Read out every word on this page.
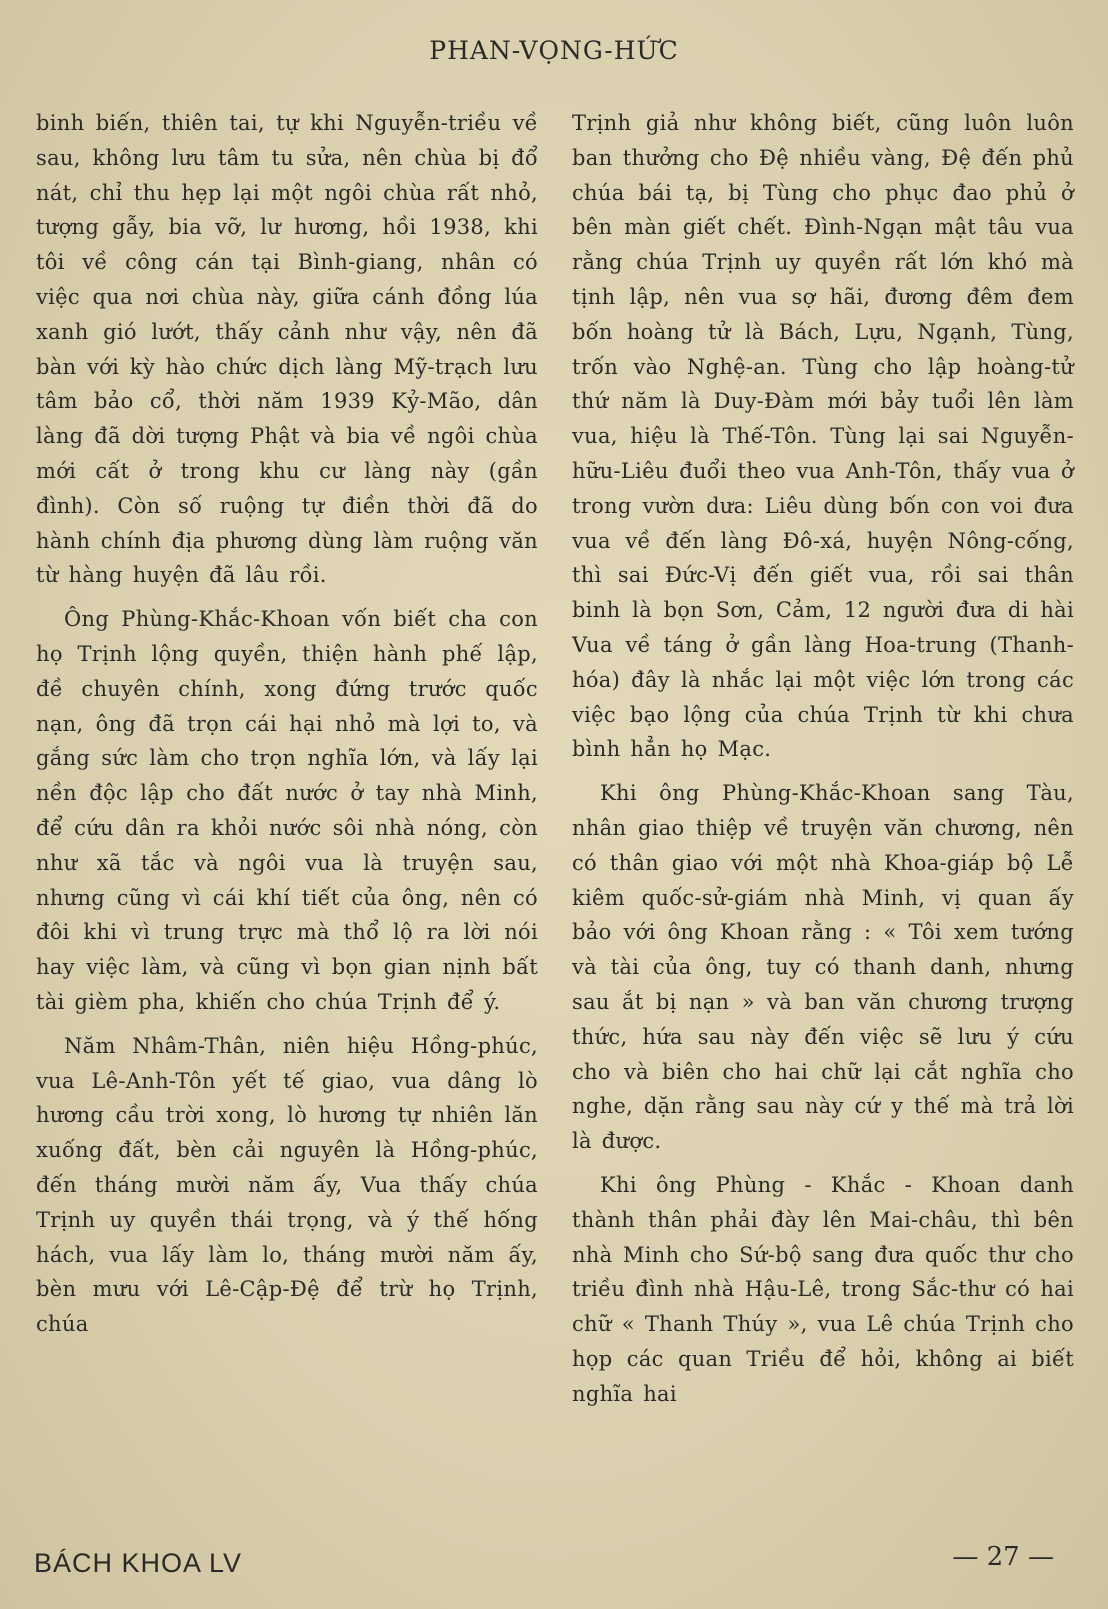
PHAN-VỌNG-HỨC

binh biến, thiên tai, tự khi Nguyễn-triều về sau, không lưu tâm tu sửa, nên chùa bị đổ nát, chỉ thu hẹp lại một ngôi chùa rất nhỏ, tượng gẫy, bia vỡ, lư hương, hồi 1938, khi tôi về công cán tại Bình-giang, nhân có việc qua nơi chùa này, giữa cánh đồng lúa xanh gió lướt, thấy cảnh như vậy, nên đã bàn với kỳ hào chức dịch làng Mỹ-trạch lưu tâm bảo cổ, thời năm 1939 Kỷ-Mão, dân làng đã dời tượng Phật và bia về ngôi chùa mới cất ở trong khu cư làng này (gần đình). Còn số ruộng tự điền thời đã do hành chính địa phương dùng làm ruộng văn từ hàng huyện đã lâu rồi.

Ông Phùng-Khắc-Khoan vốn biết cha con họ Trịnh lộng quyền, thiện hành phế lập, đề chuyên chính, xong đứng trước quốc nạn, ông đã trọn cái hại nhỏ mà lợi to, và gắng sức làm cho trọn nghĩa lớn, và lấy lại nền độc lập cho đất nước ở tay nhà Minh, để cứu dân ra khỏi nước sôi nhà nóng, còn như xã tắc và ngôi vua là truyện sau, nhưng cũng vì cái khí tiết của ông, nên có đôi khi vì trung trực mà thổ lộ ra lời nói hay việc làm, và cũng vì bọn gian nịnh bất tài gièm pha, khiến cho chúa Trịnh để ý.

Năm Nhâm-Thân, niên hiệu Hồng-phúc, vua Lê-Anh-Tôn yết tế giao, vua dâng lò hương cầu trời xong, lò hương tự nhiên lăn xuống đất, bèn cải nguyên là Hồng-phúc, đến tháng mười năm ấy, Vua thấy chúa Trịnh uy quyền thái trọng, và ý thế hống hách, vua lấy làm lo, tháng mười năm ấy, bèn mưu với Lê-Cập-Đệ để trừ họ Trịnh, chúa

Trịnh giả như không biết, cũng luôn luôn ban thưởng cho Đệ nhiều vàng, Đệ đến phủ chúa bái tạ, bị Tùng cho phục đao phủ ở bên màn giết chết. Đình-Ngạn mật tâu vua rằng chúa Trịnh uy quyền rất lớn khó mà tịnh lập, nên vua sợ hãi, đương đêm đem bốn hoàng tử là Bách, Lựu, Ngạnh, Tùng, trốn vào Nghệ-an. Tùng cho lập hoàng-tử thứ năm là Duy-Đàm mới bảy tuổi lên làm vua, hiệu là Thế-Tôn. Tùng lại sai Nguyễn-hữu-Liêu đuổi theo vua Anh-Tôn, thấy vua ở trong vườn dưa: Liêu dùng bốn con voi đưa vua về đến làng Đô-xá, huyện Nông-cống, thì sai Đức-Vị đến giết vua, rồi sai thân binh là bọn Sơn, Cảm, 12 người đưa di hài Vua về táng ở gần làng Hoa-trung (Thanh-hóa) đây là nhắc lại một việc lớn trong các việc bạo lộng của chúa Trịnh từ khi chưa bình hẳn họ Mạc.

Khi ông Phùng-Khắc-Khoan sang Tàu, nhân giao thiệp về truyện văn chương, nên có thân giao với một nhà Khoa-giáp bộ Lễ kiêm quốc-sử-giám nhà Minh, vị quan ấy bảo với ông Khoan rằng : « Tôi xem tướng và tài của ông, tuy có thanh danh, nhưng sau ắt bị nạn » và ban văn chương trượng thức, hứa sau này đến việc sẽ lưu ý cứu cho và biên cho hai chữ lại cắt nghĩa cho nghe, dặn rằng sau này cứ y thế mà trả lời là được.

Khi ông Phùng - Khắc - Khoan danh thành thân phải đày lên Mai-châu, thì bên nhà Minh cho Sứ-bộ sang đưa quốc thư cho triều đình nhà Hậu-Lê, trong Sắc-thư có hai chữ « Thanh Thúy », vua Lê chúa Trịnh cho họp các quan Triều để hỏi, không ai biết nghĩa hai

BÁCH KHOA LV	— 27 —
